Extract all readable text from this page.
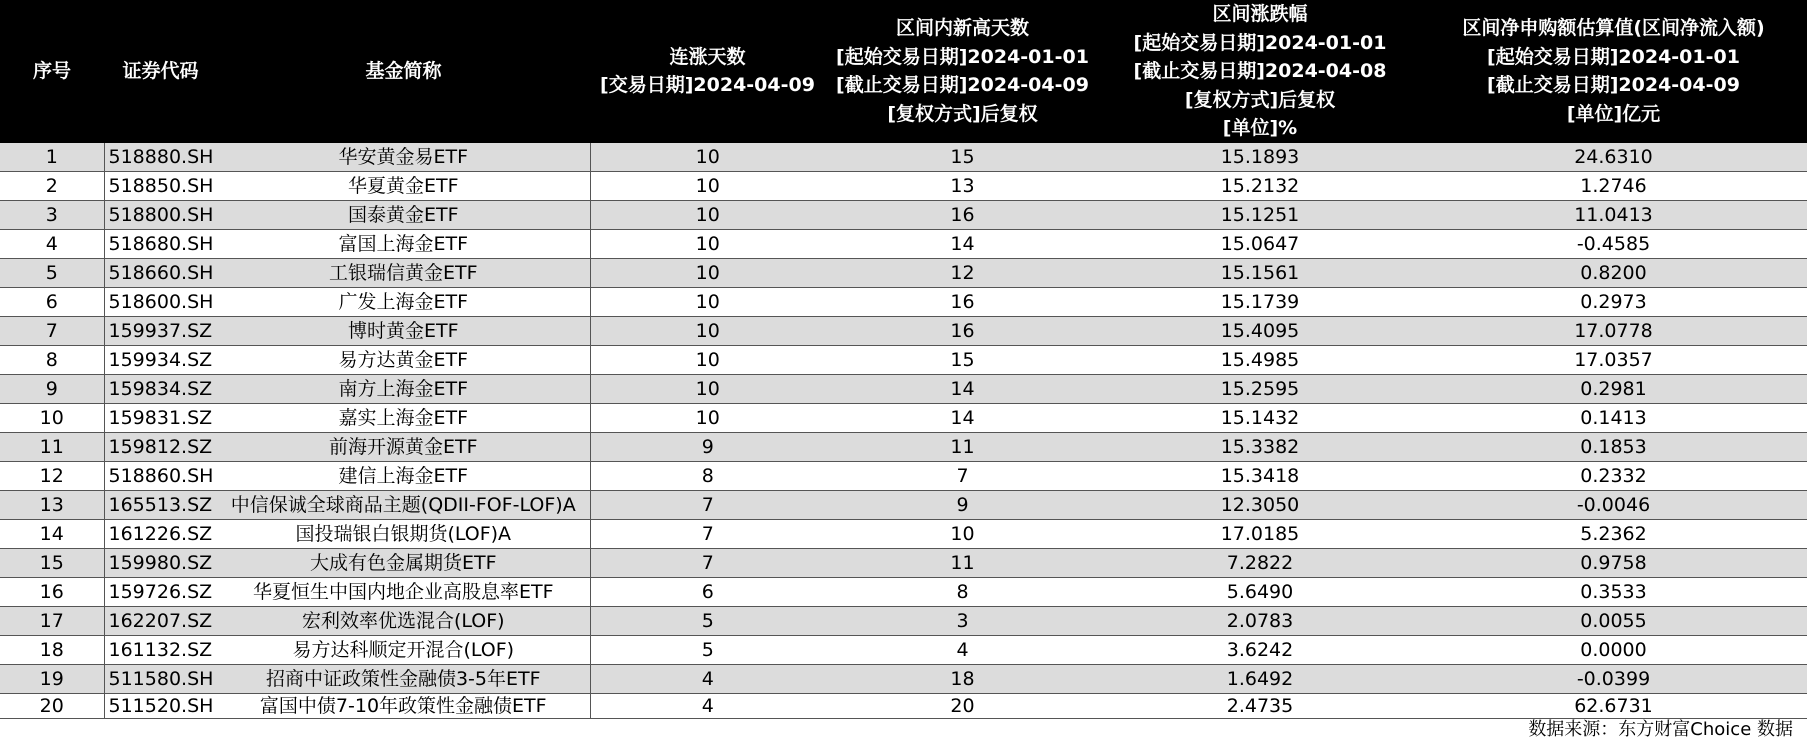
序号	证券代码	基金简称	连涨天数
[交易日期]2024-04-09	区间内新高天数
[起始交易日期]2024-01-01
[截止交易日期]2024-04-09
[复权方式]后复权	区间涨跌幅
[起始交易日期]2024-01-01
[截止交易日期]2024-04-08
[复权方式]后复权
[单位]%	区间净申购额估算值(区间净流入额)
[起始交易日期]2024-01-01
[截止交易日期]2024-04-09
[单位]亿元

1	518880.SH	华安黄金易ETF	10	15	15.1893	24.6310
2	518850.SH	华夏黄金ETF	10	13	15.2132	1.2746
3	518800.SH	国泰黄金ETF	10	16	15.1251	11.0413
4	518680.SH	富国上海金ETF	10	14	15.0647	-0.4585
5	518660.SH	工银瑞信黄金ETF	10	12	15.1561	0.8200
6	518600.SH	广发上海金ETF	10	16	15.1739	0.2973
7	159937.SZ	博时黄金ETF	10	16	15.4095	17.0778
8	159934.SZ	易方达黄金ETF	10	15	15.4985	17.0357
9	159834.SZ	南方上海金ETF	10	14	15.2595	0.2981
10	159831.SZ	嘉实上海金ETF	10	14	15.1432	0.1413
11	159812.SZ	前海开源黄金ETF	9	11	15.3382	0.1853
12	518860.SH	建信上海金ETF	8	7	15.3418	0.2332
13	165513.SZ	中信保诚全球商品主题(QDII-FOF-LOF)A	7	9	12.3050	-0.0046
14	161226.SZ	国投瑞银白银期货(LOF)A	7	10	17.0185	5.2362
15	159980.SZ	大成有色金属期货ETF	7	11	7.2822	0.9758
16	159726.SZ	华夏恒生中国内地企业高股息率ETF	6	8	5.6490	0.3533
17	162207.SZ	宏利效率优选混合(LOF)	5	3	2.0783	0.0055
18	161132.SZ	易方达科顺定开混合(LOF)	5	4	3.6242	0.0000
19	511580.SH	招商中证政策性金融债3-5年ETF	4	18	1.6492	-0.0399
20	511520.SH	富国中债7-10年政策性金融债ETF	4	20	2.4735	62.6731
数据来源：东方财富Choice 数据
